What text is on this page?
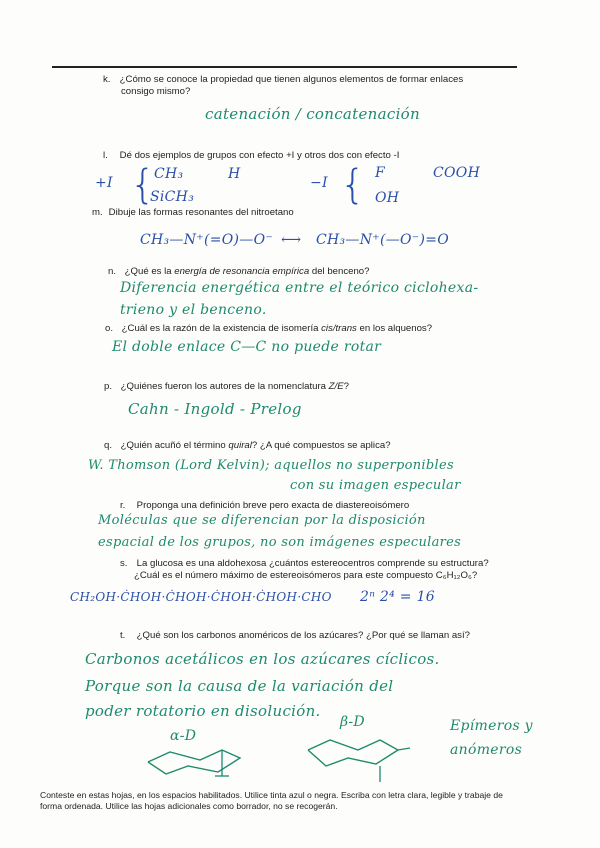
k. ¿Cómo se conoce la propiedad que tienen algunos elementos de formar enlaces
consigo mismo?
catenación / concatenación
l. Dé dos ejemplos de grupos con efecto +I y otros dos con efecto -I
+I {
CH₃	H
SiCH₃
−I { F	COOH
OH
m. Dibuje las formas resonantes del nitroetano
CH₃—N⁺(=O)—O⁻ ⟷ CH₃—N⁺(—O⁻)=O
n. ¿Qué es la energía de resonancia empírica del benceno?
Diferencia energética entre el teórico ciclohexa-
trieno y el benceno.
o. ¿Cuál es la razón de la existencia de isomería cis/trans en los alquenos?
El doble enlace C—C no puede rotar
p. ¿Quiénes fueron los autores de la nomenclatura Z/E?
Cahn - Ingold - Prelog
q. ¿Quién acuñó el término quiral? ¿A qué compuestos se aplica?
W. Thomson (Lord Kelvin); aquellos no superponibles
con su imagen especular
r. Proponga una definición breve pero exacta de diastereoisómero
Moléculas que se diferencian por la disposición
espacial de los grupos, no son imágenes especulares
s. La glucosa es una aldohexosa ¿cuántos estereocentros comprende su estructura?
¿Cuál es el número máximo de estereoisómeros para este compuesto C₆H₁₂O₆?
CH₂OH·ĊHOH·ĊHOH·ĊHOH·ĊHOH·CHO 2ⁿ 2⁴ = 16
t. ¿Qué son los carbonos anoméricos de los azúcares? ¿Por qué se llaman así?
Carbonos acetálicos en los azúcares cíclicos.
Porque son la causa de la variación del
poder rotatorio en disolución.
α-D
β-D	Epímeros y
anómeros
Conteste en estas hojas, en los espacios habilitados. Utilice tinta azul o negra. Escriba con letra clara, legible y trabaje de forma ordenada. Utilice las hojas adicionales como borrador, no se recogerán.
